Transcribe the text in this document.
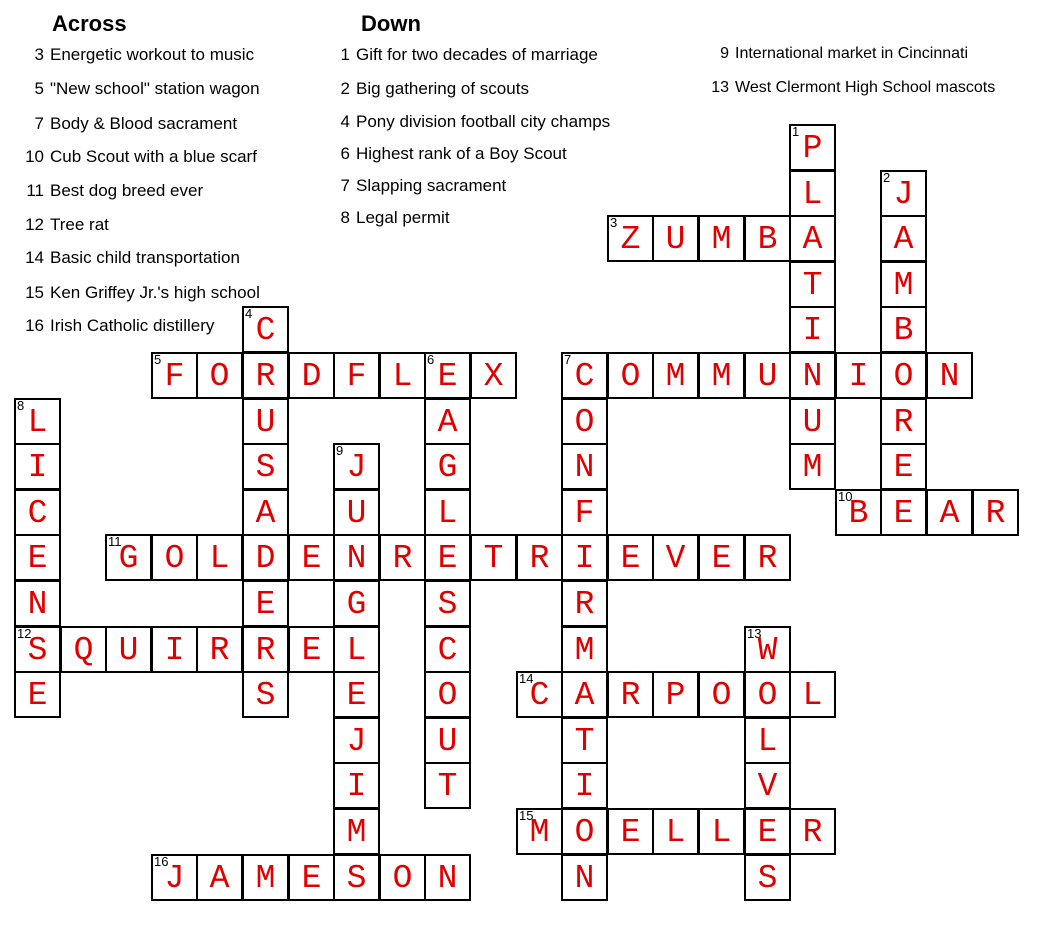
1 P
L
A
T
I
N
U
M
2 J
A
M
B
O
R
E
E
3 Z U M B
4 C
R
U
S
A
D
E
R
S
5 F O	D F L	6 E X
A
G
L
E
S
C
O
U
T
7 C O M M U	I	N
O
N
F
I
R
M
A
T
I
O
N
8 L
I
C
E
N
12
S
E
9 J
U
N
G
L
E
J
I
M
10
B	A R
11
G O L	E	R	T R	E V E R
Q U I R	E	13
W
O
L
V
E
S
14
C	R P O	L
15
M	E L L	R
16
J A M E S O N
Across	Down
3 Energetic workout to music
5 "New school" station wagon
7 Body & Blood sacrament
10 Cub Scout with a blue scarf
11 Best dog breed ever
12 Tree rat
14 Basic child transportation
15 Ken Griffey Jr.'s high school
16 Irish Catholic distillery
1 Gift for two decades of marriage
2 Big gathering of scouts
4 Pony division football city champs
6 Highest rank of a Boy Scout
7 Slapping sacrament
8 Legal permit
9 International market in Cincinnati
13 West Clermont High School mascots
